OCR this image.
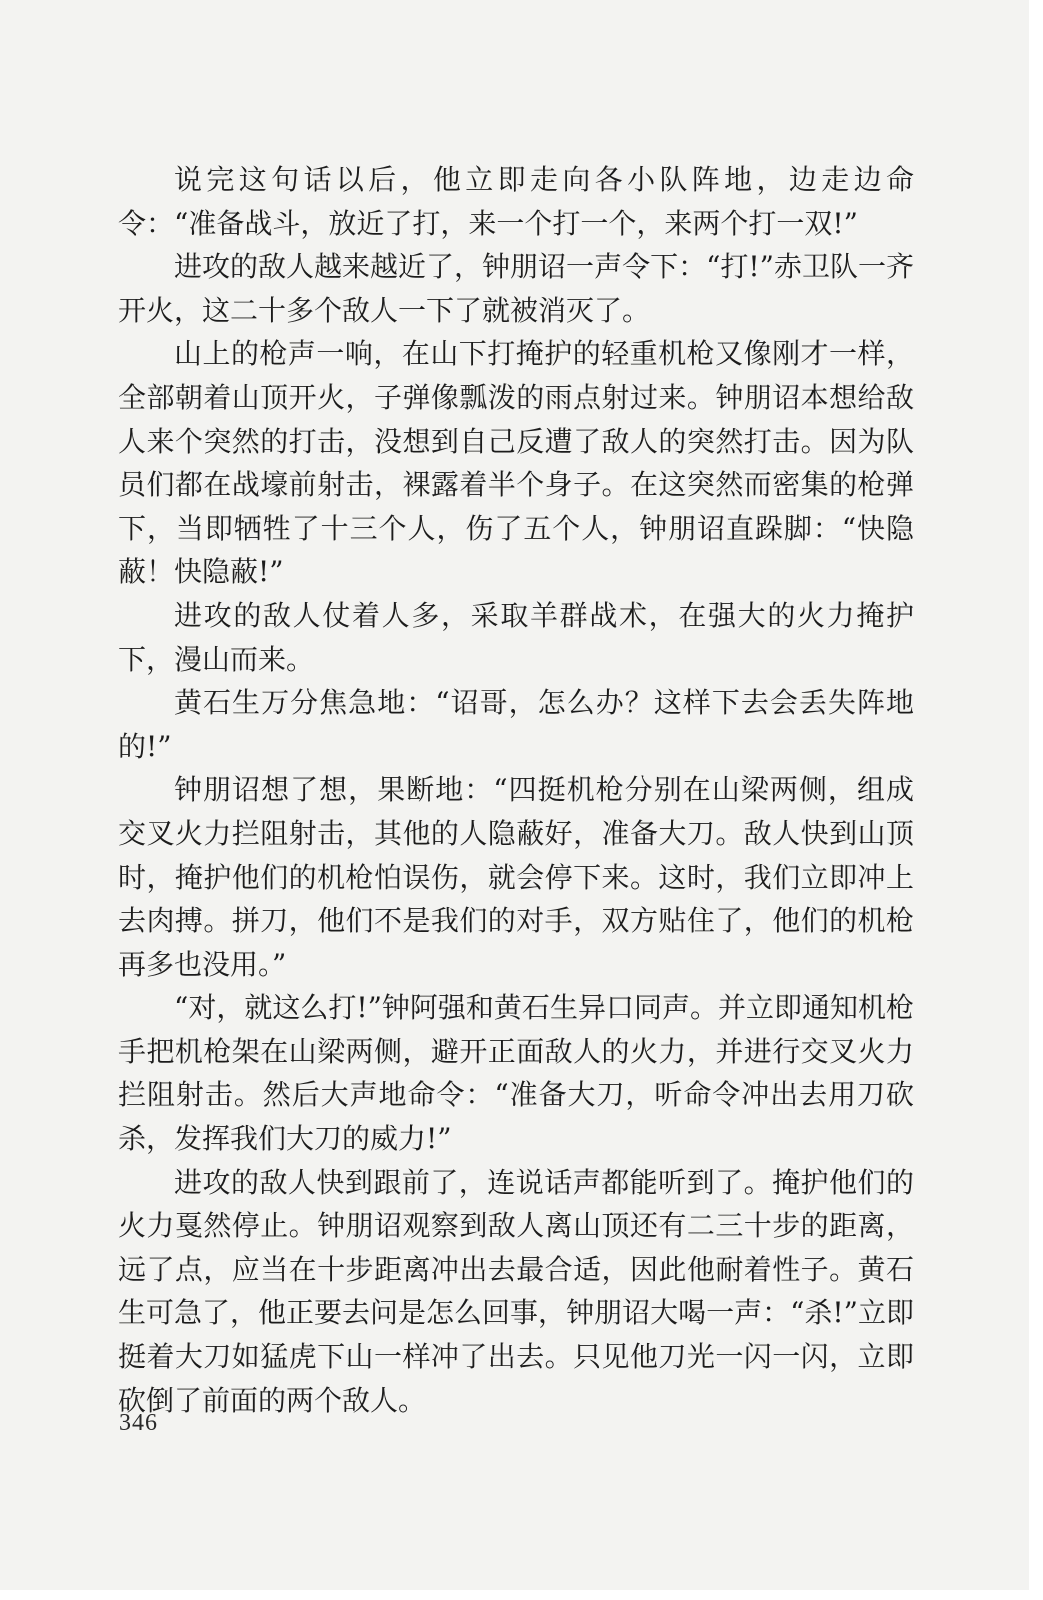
说完这句话以后，他立即走向各小队阵地，边走边命令：“准备战斗，放近了打，来一个打一个，来两个打一双!”

进攻的敌人越来越近了，钟朋诏一声令下：“打!”赤卫队一齐开火，这二十多个敌人一下了就被消灭了。

山上的枪声一响，在山下打掩护的轻重机枪又像刚才一样，全部朝着山顶开火，子弹像瓢泼的雨点射过来。钟朋诏本想给敌人来个突然的打击，没想到自己反遭了敌人的突然打击。因为队员们都在战壕前射击，裸露着半个身子。在这突然而密集的枪弹下，当即牺牲了十三个人，伤了五个人，钟朋诏直跺脚：“快隐蔽！快隐蔽!”

进攻的敌人仗着人多，采取羊群战术，在强大的火力掩护下，漫山而来。

黄石生万分焦急地：“诏哥，怎么办？这样下去会丢失阵地的!”

钟朋诏想了想，果断地：“四挺机枪分别在山梁两侧，组成交叉火力拦阻射击，其他的人隐蔽好，准备大刀。敌人快到山顶时，掩护他们的机枪怕误伤，就会停下来。这时，我们立即冲上去肉搏。拼刀，他们不是我们的对手，双方贴住了，他们的机枪再多也没用。”

“对，就这么打!”钟阿强和黄石生异口同声。并立即通知机枪手把机枪架在山梁两侧，避开正面敌人的火力，并进行交叉火力拦阻射击。然后大声地命令：“准备大刀，听命令冲出去用刀砍杀，发挥我们大刀的威力!”

进攻的敌人快到跟前了，连说话声都能听到了。掩护他们的火力戛然停止。钟朋诏观察到敌人离山顶还有二三十步的距离，远了点，应当在十步距离冲出去最合适，因此他耐着性子。黄石生可急了，他正要去问是怎么回事，钟朋诏大喝一声：“杀!”立即挺着大刀如猛虎下山一样冲了出去。只见他刀光一闪一闪，立即砍倒了前面的两个敌人。

346
